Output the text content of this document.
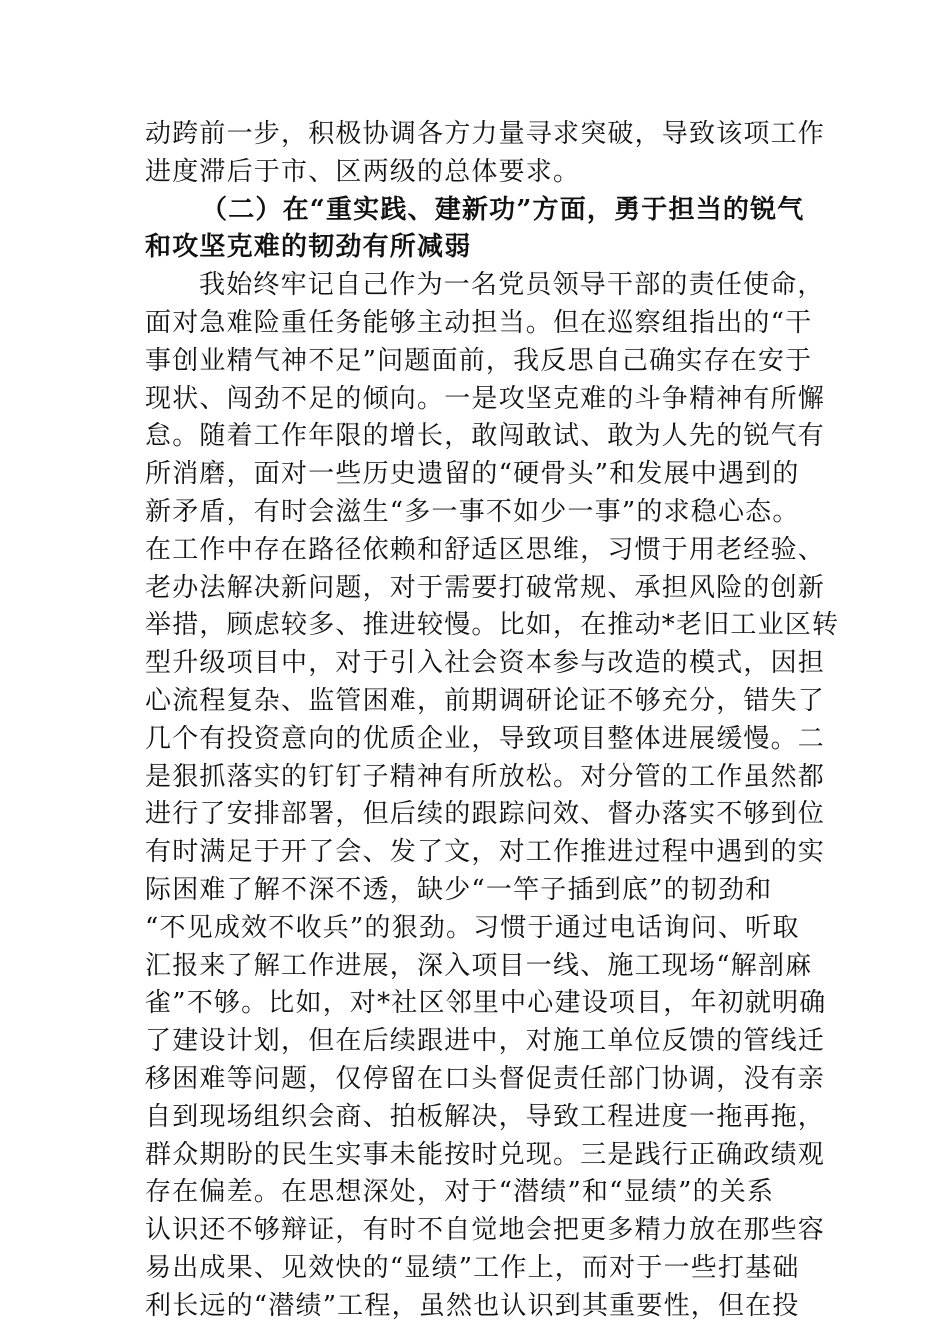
动跨前一步，积极协调各方力量寻求突破，导致该项工作
进度滞后于市、区两级的总体要求。
（二）在“重实践、建新功”方面，勇于担当的锐气
和攻坚克难的韧劲有所减弱
我始终牢记自己作为一名党员领导干部的责任使命，
面对急难险重任务能够主动担当。但在巡察组指出的“干
事创业精气神不足”问题面前，我反思自己确实存在安于
现状、闯劲不足的倾向。一是攻坚克难的斗争精神有所懈
怠。随着工作年限的增长，敢闯敢试、敢为人先的锐气有
所消磨，面对一些历史遗留的“硬骨头”和发展中遇到的
新矛盾，有时会滋生“多一事不如少一事”的求稳心态。
在工作中存在路径依赖和舒适区思维，习惯于用老经验、
老办法解决新问题，对于需要打破常规、承担风险的创新
举措，顾虑较多、推进较慢。比如，在推动*老旧工业区转
型升级项目中，对于引入社会资本参与改造的模式，因担
心流程复杂、监管困难，前期调研论证不够充分，错失了
几个有投资意向的优质企业，导致项目整体进展缓慢。二
是狠抓落实的钉钉子精神有所放松。对分管的工作虽然都
进行了安排部署，但后续的跟踪问效、督办落实不够到位
有时满足于开了会、发了文，对工作推进过程中遇到的实
际困难了解不深不透，缺少“一竿子插到底”的韧劲和
“不见成效不收兵”的狠劲。习惯于通过电话询问、听取
汇报来了解工作进展，深入项目一线、施工现场“解剖麻
雀”不够。比如，对*社区邻里中心建设项目，年初就明确
了建设计划，但在后续跟进中，对施工单位反馈的管线迁
移困难等问题，仅停留在口头督促责任部门协调，没有亲
自到现场组织会商、拍板解决，导致工程进度一拖再拖，
群众期盼的民生实事未能按时兑现。三是践行正确政绩观
存在偏差。在思想深处，对于“潜绩”和“显绩”的关系
认识还不够辩证，有时不自觉地会把更多精力放在那些容
易出成果、见效快的“显绩”工作上，而对于一些打基础
利长远的“潜绩”工程，虽然也认识到其重要性，但在投
